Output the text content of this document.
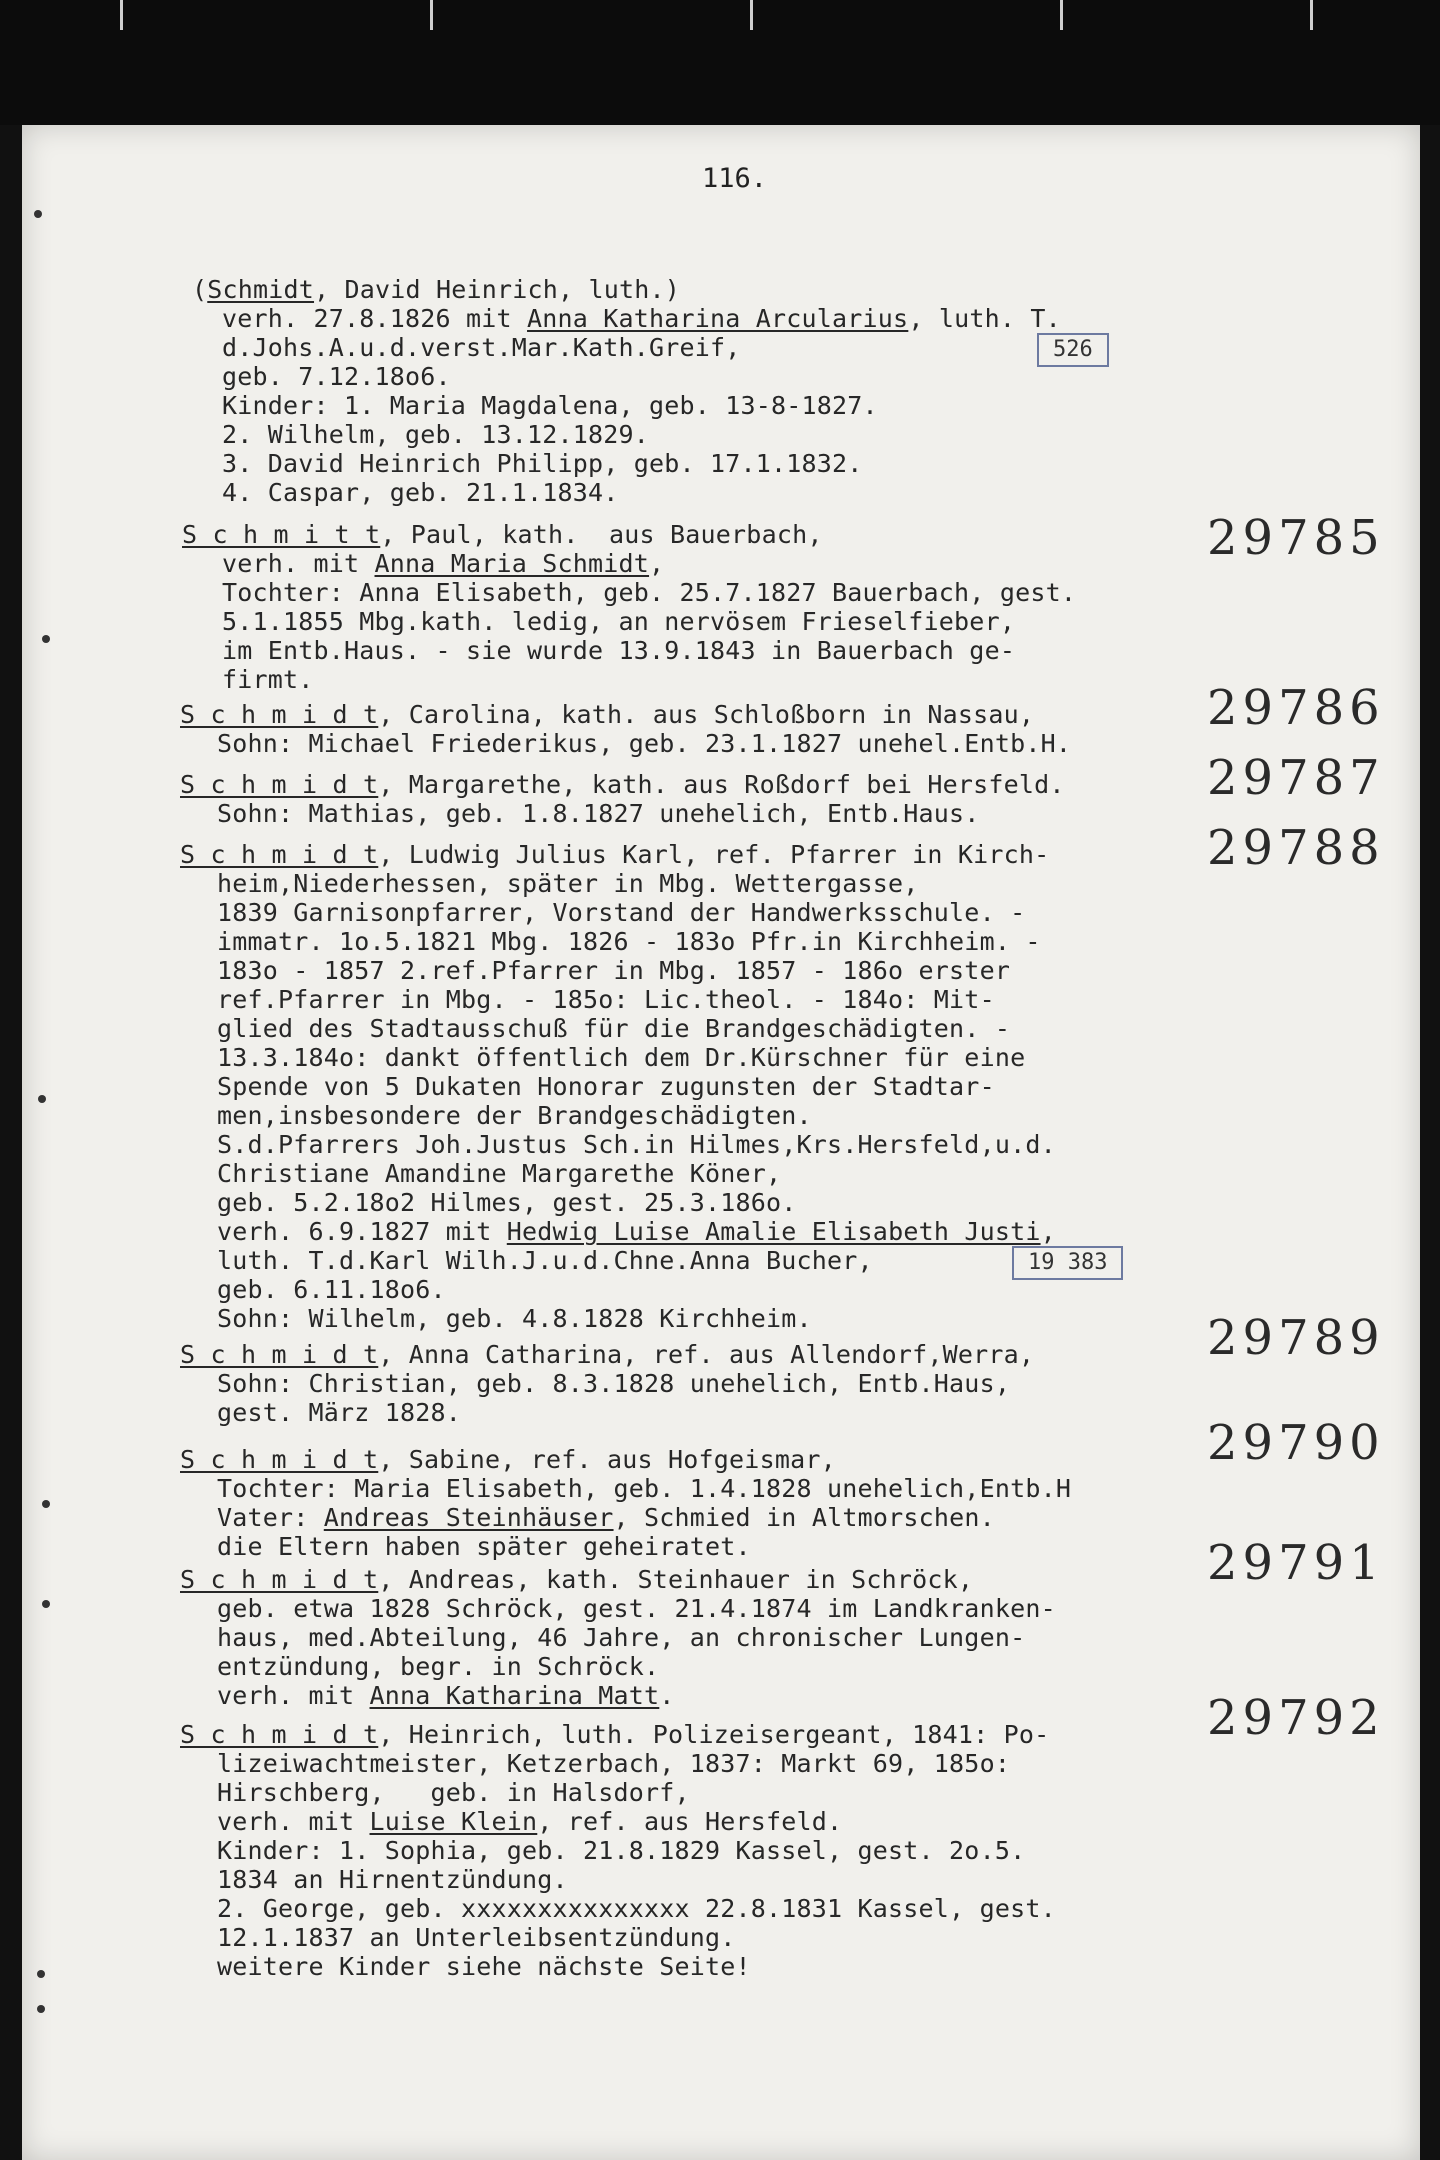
116.
(Schmidt, David Heinrich, luth.)
verh. 27.8.1826 mit Anna Katharina Arcularius, luth. T.
d.Johs.A.u.d.verst.Mar.Kath.Greif,
geb. 7.12.18o6.
Kinder: 1. Maria Magdalena, geb. 13-8-1827.
2. Wilhelm, geb. 13.12.1829.
3. David Heinrich Philipp, geb. 17.1.1832.
4. Caspar, geb. 21.1.1834.
526
S c h m i t t, Paul, kath.  aus Bauerbach,
verh. mit Anna Maria Schmidt,
Tochter: Anna Elisabeth, geb. 25.7.1827 Bauerbach, gest.
5.1.1855 Mbg.kath. ledig, an nervösem Frieselfieber,
im Entb.Haus. - sie wurde 13.9.1843 in Bauerbach ge-
firmt.
29785
S c h m i d t, Carolina, kath. aus Schloßborn in Nassau,
Sohn: Michael Friederikus, geb. 23.1.1827 unehel.Entb.H.
29786
S c h m i d t, Margarethe, kath. aus Roßdorf bei Hersfeld.
Sohn: Mathias, geb. 1.8.1827 unehelich, Entb.Haus.
29787
S c h m i d t, Ludwig Julius Karl, ref. Pfarrer in Kirch-
heim,Niederhessen, später in Mbg. Wettergasse,
1839 Garnisonpfarrer, Vorstand der Handwerksschule. -
immatr. 1o.5.1821 Mbg. 1826 - 183o Pfr.in Kirchheim. -
183o - 1857 2.ref.Pfarrer in Mbg. 1857 - 186o erster
ref.Pfarrer in Mbg. - 185o: Lic.theol. - 184o: Mit-
glied des Stadtausschuß für die Brandgeschädigten. -
13.3.184o: dankt öffentlich dem Dr.Kürschner für eine
Spende von 5 Dukaten Honorar zugunsten der Stadtar-
men,insbesondere der Brandgeschädigten.
S.d.Pfarrers Joh.Justus Sch.in Hilmes,Krs.Hersfeld,u.d.
Christiane Amandine Margarethe Köner,
geb. 5.2.18o2 Hilmes, gest. 25.3.186o.
verh. 6.9.1827 mit Hedwig Luise Amalie Elisabeth Justi,
luth. T.d.Karl Wilh.J.u.d.Chne.Anna Bucher,
geb. 6.11.18o6.
Sohn: Wilhelm, geb. 4.8.1828 Kirchheim.
29788
19 383
S c h m i d t, Anna Catharina, ref. aus Allendorf,Werra,
Sohn: Christian, geb. 8.3.1828 unehelich, Entb.Haus,
gest. März 1828.
29789
S c h m i d t, Sabine, ref. aus Hofgeismar,
Tochter: Maria Elisabeth, geb. 1.4.1828 unehelich,Entb.H
Vater: Andreas Steinhäuser, Schmied in Altmorschen.
die Eltern haben später geheiratet.
29790
S c h m i d t, Andreas, kath. Steinhauer in Schröck,
geb. etwa 1828 Schröck, gest. 21.4.1874 im Landkranken-
haus, med.Abteilung, 46 Jahre, an chronischer Lungen-
entzündung, begr. in Schröck.
verh. mit Anna Katharina Matt.
29791
S c h m i d t, Heinrich, luth. Polizeisergeant, 1841: Po-
lizeiwachtmeister, Ketzerbach, 1837: Markt 69, 185o:
Hirschberg,   geb. in Halsdorf,
verh. mit Luise Klein, ref. aus Hersfeld.
Kinder: 1. Sophia, geb. 21.8.1829 Kassel, gest. 2o.5.
1834 an Hirnentzündung.
2. George, geb. xxxxxxxxxxxxxxx 22.8.1831 Kassel, gest.
12.1.1837 an Unterleibsentzündung.
weitere Kinder siehe nächste Seite!
29792
